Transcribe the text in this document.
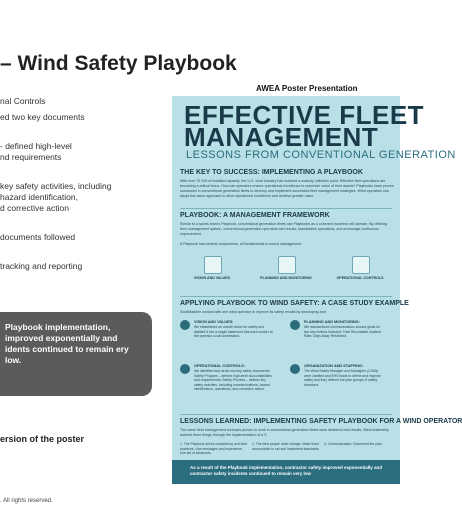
– Wind Safety Playbook
nal Controls
ed two key documents
- defined high-level
nd requirements
key safety activities, including
hazard identification,
d corrective action
documents followed
tracking and reporting
Playbook implementation, improved exponentially and idents continued to remain ery low.
ersion of the poster
. All rights reserved.
AWEA Poster Presentation
EFFECTIVE FLEET
MANAGEMENT
LESSONS FROM CONVENTIONAL GENERATION
THE KEY TO SUCCESS: IMPLEMENTING A PLAYBOOK
With over 70 GW of installed capacity, the U.S. wind industry has reached a maturity inflection point. Effective fleet operations are becoming a critical focus. How can operators ensure operational excellence to maximize value of their assets? Playbooks have proven successful in conventional generation fleets to develop and implement successful fleet management strategies. Wind operators can adopt this same approach to drive operational excellence and achieve greater value.
PLAYBOOK: A MANAGEMENT FRAMEWORK
Similar to a sports team's Playbook, conventional generation fleets use Playbooks as a coherent business will operate. By defining their management system, conventional generation operators can results, standardize operations, and encourage continuous improvement.
A Playbook has several components, all fundamental to sound management:
VISION AND VALUES	PLANNING AND MONITORING	OPERATIONAL CONTROLS
APPLYING PLAYBOOK TO WIND SAFETY: A CASE STUDY EXAMPLE
ScottMadden worked with one wind operator to improve its safety results by developing and
VISION AND VALUES:
We established an overall vision for safety and distilled it into a single statement that each worker at the operator could understand.
PLANNING AND MONITORING:
We standardized communications around goals for two key metrics included: Total Recordable Incident Rate; Days Away Restricted.
OPERATIONAL CONTROLS:
We identified and wrote two key safety documents: Safety Program – defines high-level accountabilities and requirements; Safety Process – defines key safety activities, including communications, hazard identification, operations, and corrective action.
ORGANIZATION AND STAFFING:
The Wind Safety Manager and Managers (CSMs) were clarified and EHS leads to define and improve safety and they defined the plan groups of safety decisions.
LESSONS LEARNED: IMPLEMENTING SAFETY PLAYBOOK FOR A WIND OPERATOR
The same fleet management concepts proven to work in conventional generation fleets were delivered real results. Wind leadership learned three things through the implementation of a S
1. The Playbook drives consistency and best practices. Use messages and experience, one set of behaviors.
2. The best people drive change. Make them accountable to set and implement standards.
3. Communication. Document the plan.
As a result of the Playbook implementation, contractor safety improved exponentially and contractor safety incidents continued to remain very low
